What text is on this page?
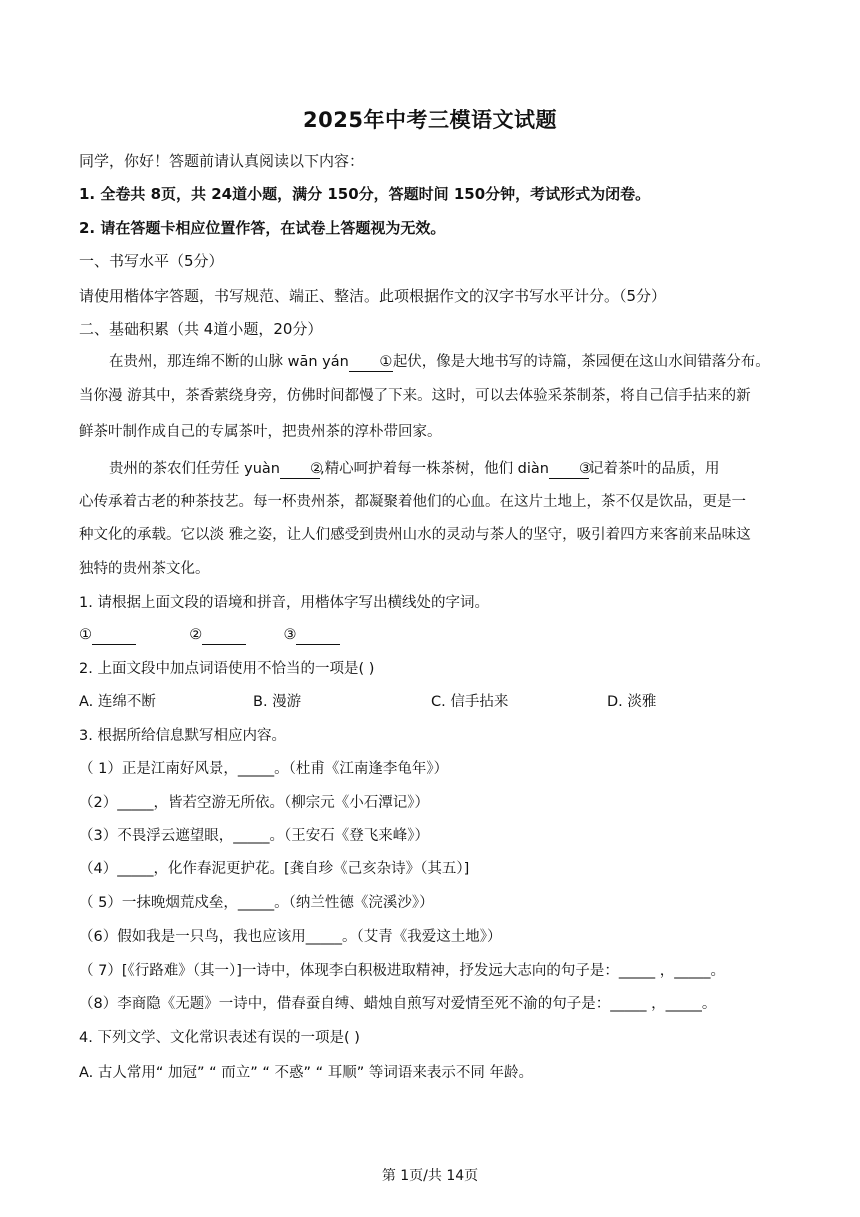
2025年中考三模语文试题
同学，你好！答题前请认真阅读以下内容：
1. 全卷共 8页，共 24道小题，满分 150分，答题时间 150分钟，考试形式为闭卷。
2. 请在答题卡相应位置作答，在试卷上答题视为无效。
一、书写水平（5分）
请使用楷体字答题，书写规范、端正、整洁。此项根据作文的汉字书写水平计分。（5分）
二、基础积累（共 4道小题，20分）
在贵州，那连绵不断的山脉 wān yán ①起伏，像是大地书写的诗篇，茶园便在这山水间错落分布。
当你漫 游其中，茶香萦绕身旁，仿佛时间都慢了下来。这时，可以去体验采茶制茶，将自己信手拈来的新
鲜茶叶制作成自己的专属茶叶，把贵州茶的淳朴带回家。
贵州的茶农们任劳任 yuàn ②,精心呵护着每一株茶树，他们 diàn ③记着茶叶的品质，用
心传承着古老的种茶技艺。每一杯贵州茶，都凝聚着他们的心血。在这片土地上，茶不仅是饮品，更是一
种文化的承载。它以淡 雅之姿，让人们感受到贵州山水的灵动与茶人的坚守，吸引着四方来客前来品味这
独特的贵州茶文化。
1. 请根据上面文段的语境和拼音，用楷体字写出横线处的字词。
①	②	③
2. 上面文段中加点词语使用不恰当的一项是( )
A. 连绵不断	B. 漫游	C. 信手拈来	D. 淡雅
3. 根据所给信息默写相应内容。
（ 1）正是江南好风景，_____。（杜甫《江南逢李龟年》）
（2）_____，皆若空游无所依。（柳宗元《小石潭记》）
（3）不畏浮云遮望眼，_____。（王安石《登飞来峰》）
（4）_____，化作春泥更护花。[龚自珍《己亥杂诗》（其五）]
（ 5）一抹晚烟荒戍垒，_____。（纳兰性德《浣溪沙》）
（6）假如我是一只鸟，我也应该用_____。（艾青《我爱这土地》）
（ 7）[《行路难》（其一）]一诗中，体现李白积极进取精神，抒发远大志向的句子是：_____ ，_____。
（8）李商隐《无题》一诗中，借春蚕自缚、蜡烛自煎写对爱情至死不渝的句子是：_____ ，_____。
4. 下列文学、文化常识表述有误的一项是( )
A. 古人常用“ 加冠” “ 而立” “ 不惑” “ 耳顺” 等词语来表示不同 年龄。
第 1页/共 14页
